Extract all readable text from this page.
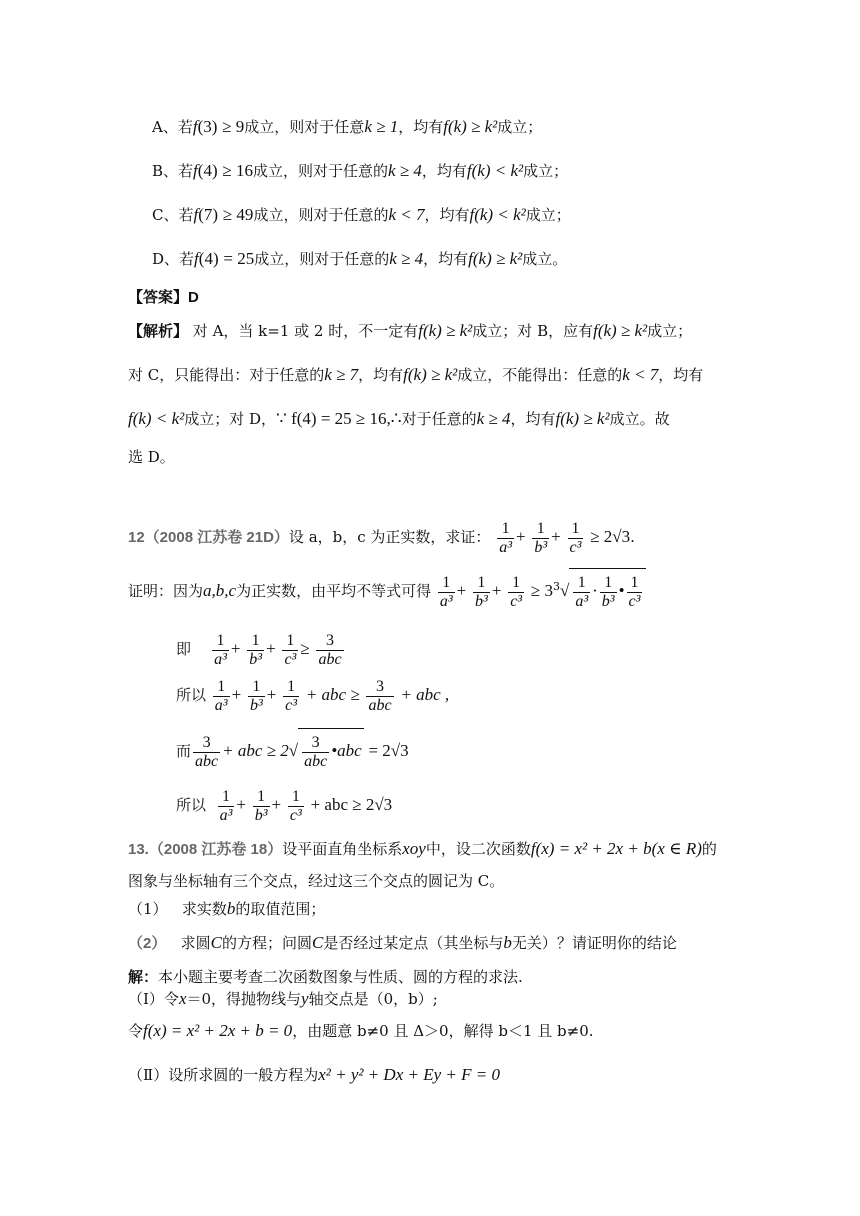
A、若f(3) ≥ 9成立，则对于任意k ≥ 1，均有f(k) ≥ k²成立；
B、若f(4) ≥ 16成立，则对于任意的k ≥ 4，均有f(k) < k²成立；
C、若f(7) ≥ 49成立，则对于任意的k < 7，均有f(k) < k²成立；
D、若f(4) = 25成立，则对于任意的k ≥ 4，均有f(k) ≥ k²成立。
【答案】D
【解析】 对 A，当 k=1 或 2 时，不一定有f(k) ≥ k²成立；对 B，应有f(k) ≥ k²成立；
对 C，只能得出：对于任意的k ≥ 7，均有f(k) ≥ k²成立，不能得出：任意的k < 7，均有
f(k) < k²成立；对 D，∵ f(4) = 25 ≥ 16,∴对于任意的k ≥ 4，均有f(k) ≥ k²成立。故
选 D。
12（2008 江苏卷 21D）设 a，b，c 为正实数，求证： $\frac{1}{\text{a³}} + \frac{1}{\text{b³}} + \frac{1}{\text{c³}} \ge 2√3$.
证明：因为a,b,c为正实数，由平均不等式可得 $\frac{1}{\text{a³}} + \frac{1}{\text{b³}} + \frac{1}{\text{c³}} \ge 3^3√ \frac{1}{\text{a³}} \cdot \frac{1}{\text{b³}}$ • $\frac{1}{\text{c³}}$
即 $\frac{1}{\text{a³}} + \frac{1}{\text{b³}} + \frac{1}{\text{c³}} \ge \frac{3}{\text{abc}}$
所以 $\frac{1}{\text{a³}} + \frac{1}{\text{b³}} + \frac{1}{\text{c³}}$ + abc ≥ $\frac{3}{\text{abc}}$ + abc ,
而 $\frac{3}{\text{abc}}$ + abc ≥ $2√ \frac{3}{\text{abc}}$ •abc = 2√3
所以 $\frac{1}{\text{a³}} + \frac{1}{\text{b³}} + \frac{1}{\text{c³}}$ + abc ≥ 2√3
13.（2008 江苏卷 18）设平面直角坐标系xoy中，设二次函数f(x) = x² + 2x + b(x ∈ R)的
图象与坐标轴有三个交点，经过这三个交点的圆记为 C。
（1） 求实数b的取值范围；
（2） 求圆C的方程；问圆C是否经过某定点（其坐标与b无关）？请证明你的结论
解：本小题主要考查二次函数图象与性质、圆的方程的求法.
（Ⅰ）令x＝0，得抛物线与y轴交点是（0，b）;
令f(x) = x² + 2x + b = 0，由题意 b≠0 且 Δ＞0，解得 b＜1 且 b≠0.
（Ⅱ）设所求圆的一般方程为x² + y² + Dx + Ey + F = 0
